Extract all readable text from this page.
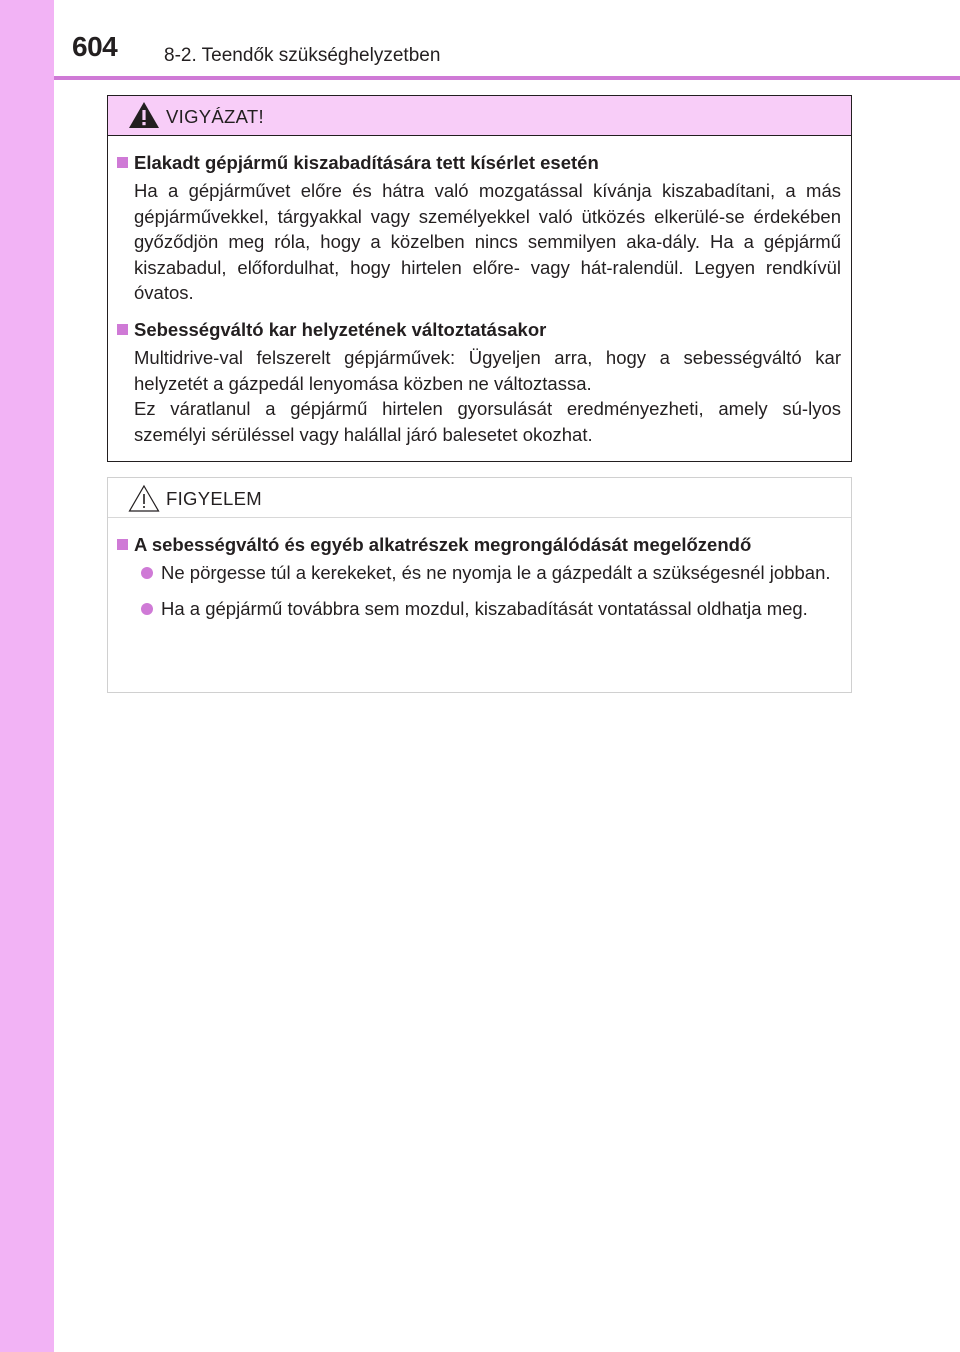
604 8-2. Teendők szükséghelyzetben
VIGYÁZAT!
Elakadt gépjármű kiszabadítására tett kísérlet esetén
Ha a gépjárművet előre és hátra való mozgatással kívánja kiszabadítani, a más gépjárművekkel, tárgyakkal vagy személyekkel való ütközés elkerülé-se érdekében győződjön meg róla, hogy a közelben nincs semmilyen aka-dály. Ha a gépjármű kiszabadul, előfordulhat, hogy hirtelen előre- vagy hát-ralendül. Legyen rendkívül óvatos.
Sebességváltó kar helyzetének változtatásakor
Multidrive-val felszerelt gépjárművek: Ügyeljen arra, hogy a sebességváltó kar helyzetét a gázpedál lenyomása közben ne változtassa.
Ez váratlanul a gépjármű hirtelen gyorsulását eredményezheti, amely sú-lyos személyi sérüléssel vagy halállal járó balesetet okozhat.
FIGYELEM
A sebességváltó és egyéb alkatrészek megrongálódását megelőzendő
Ne pörgesse túl a kerekeket, és ne nyomja le a gázpedált a szükségesnél jobban.
Ha a gépjármű továbbra sem mozdul, kiszabadítását vontatással oldhatja meg.
